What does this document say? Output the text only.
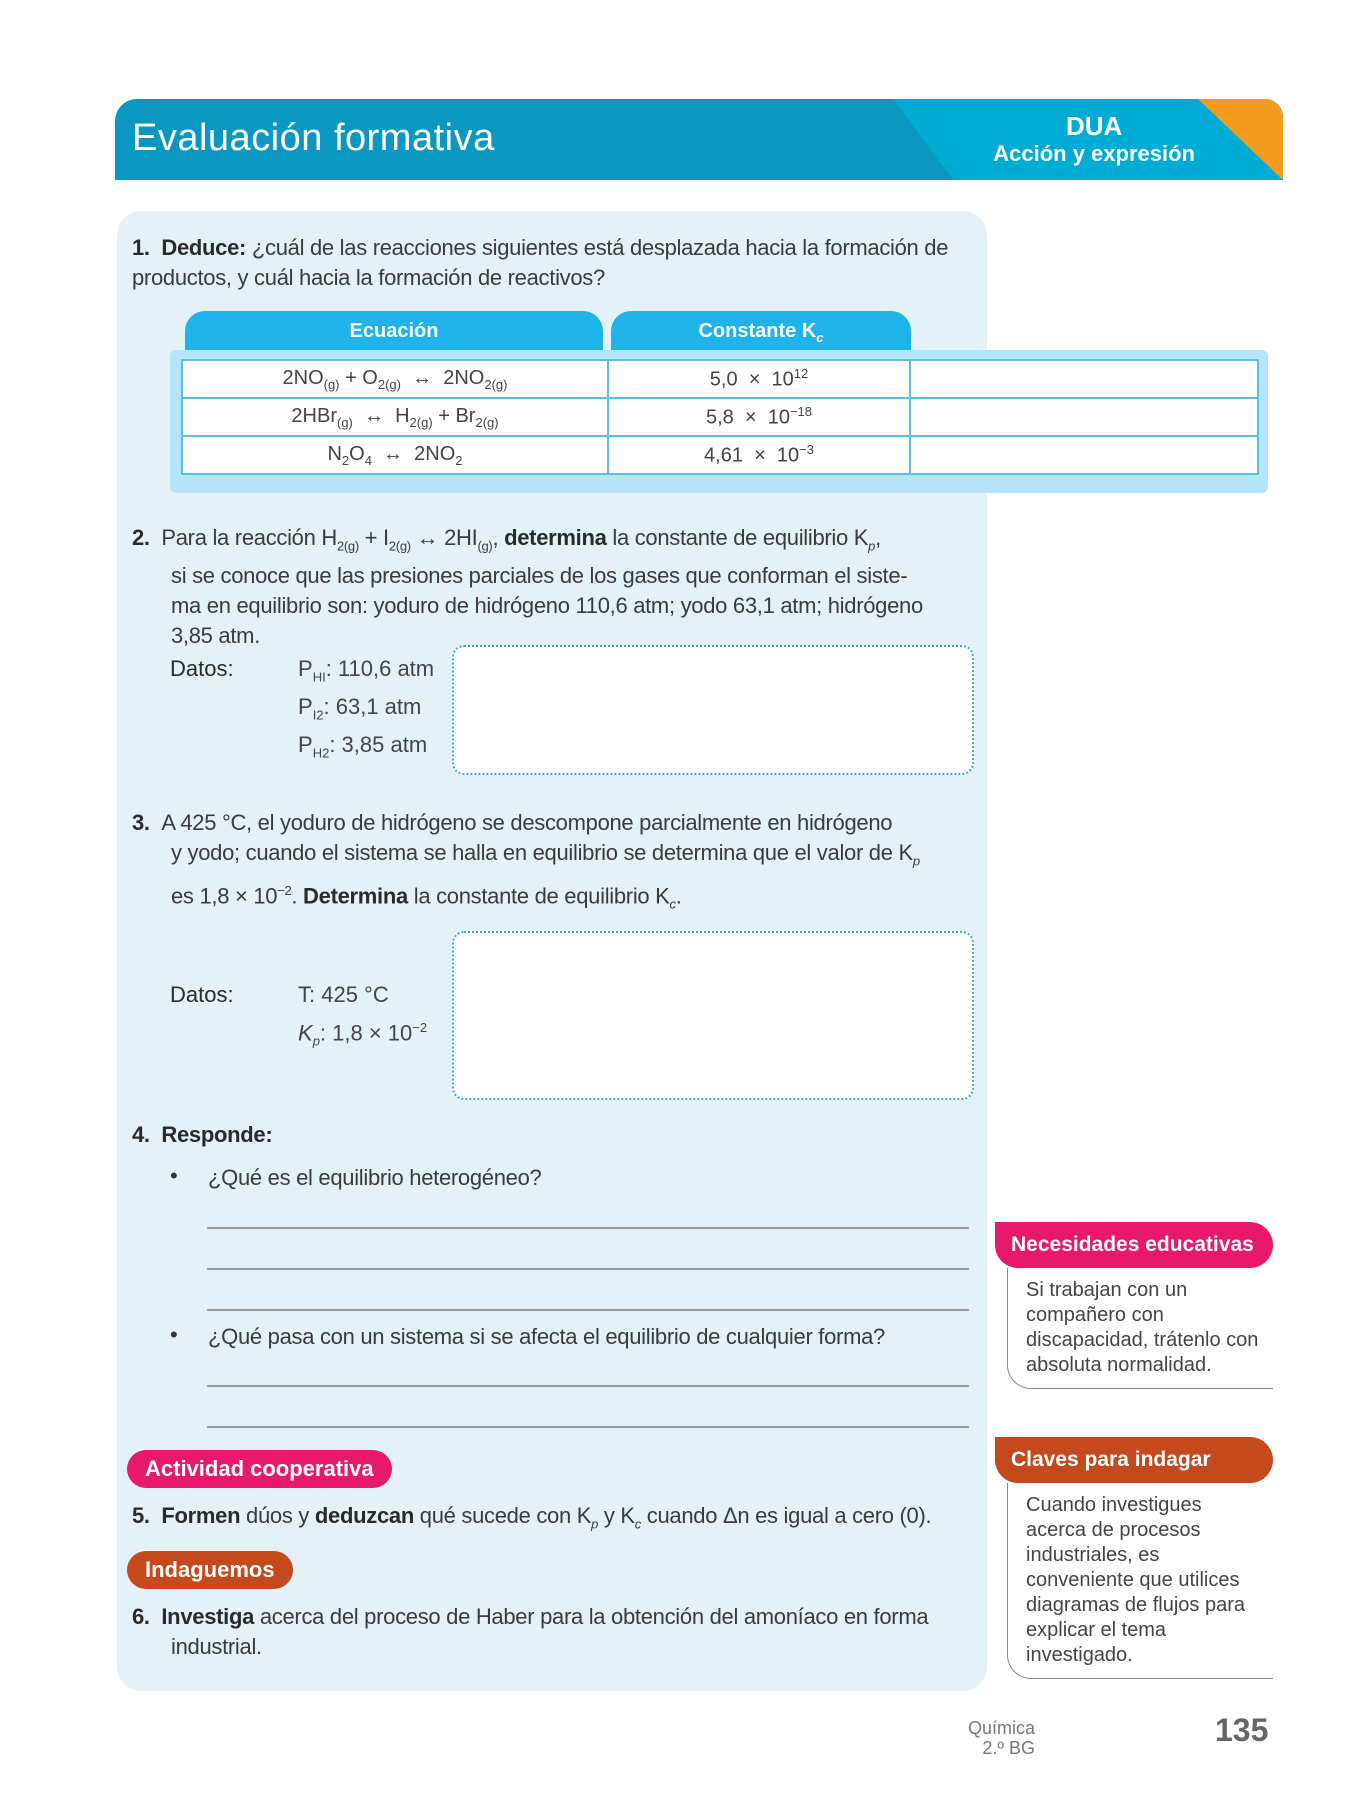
Evaluación formativa	DUA
Acción y expresión
1. Deduce: ¿cuál de las reacciones siguientes está desplazada hacia la formación de productos, y cuál hacia la formación de reactivos?
Ecuación	Constante $K_c$
$2NO_{(g)} + O_{2(g)}$  ↔  $2NO_{2(g)}$	$5,0 \times 10^{12}$	
2HBr$_{(g)}$  ↔  $H_{2(g)} + Br_{2(g)}$	$5,8 \times 10^{-18}$	
$N_2O_4$  ↔  $2NO_2$	$4,61 \times 10^{-3}$	
2. Para la reacción $H_{2(g)} + I_{2(g)}$ ↔ $2HI_{(g)}$, determina la constante de equilibrio $K_p$,
si se conoce que las presiones parciales de los gases que conforman el siste-
ma en equilibrio son: yoduro de hidrógeno 110,6 atm; yodo 63,1 atm; hidrógeno
3,85 atm.
Datos:	$P_{HI}$: 110,6 atm
$P_{I2}$: 63,1 atm
$P_{H2}$: 3,85 atm
3. A 425 °C, el yoduro de hidrógeno se descompone parcialmente en hidrógeno
y yodo; cuando el sistema se halla en equilibrio se determina que el valor de $K_p$
es $1,8 \times 10^{-2}$. Determina la constante de equilibrio $K_c$.
Datos:	T: 425 °C
$K_p$: $1,8 \times 10^{-2}$
4. Responde:
• ¿Qué es el equilibrio heterogéneo?
• ¿Qué pasa con un sistema si se afecta el equilibrio de cualquier forma?
Actividad cooperativa
5. Formen dúos y deduzcan qué sucede con $K_p$ y $K_c$ cuando Δn es igual a cero (0).
Indaguemos
6. Investiga acerca del proceso de Haber para la obtención del amoníaco en forma
industrial.
Necesidades educativas
Si trabajan con un compañero con discapacidad, trátenlo con absoluta normalidad.
Claves para indagar
Cuando investigues acerca de procesos industriales, es conveniente que utilices diagramas de flujos para explicar el tema investigado.
Química
2.º BG	135
